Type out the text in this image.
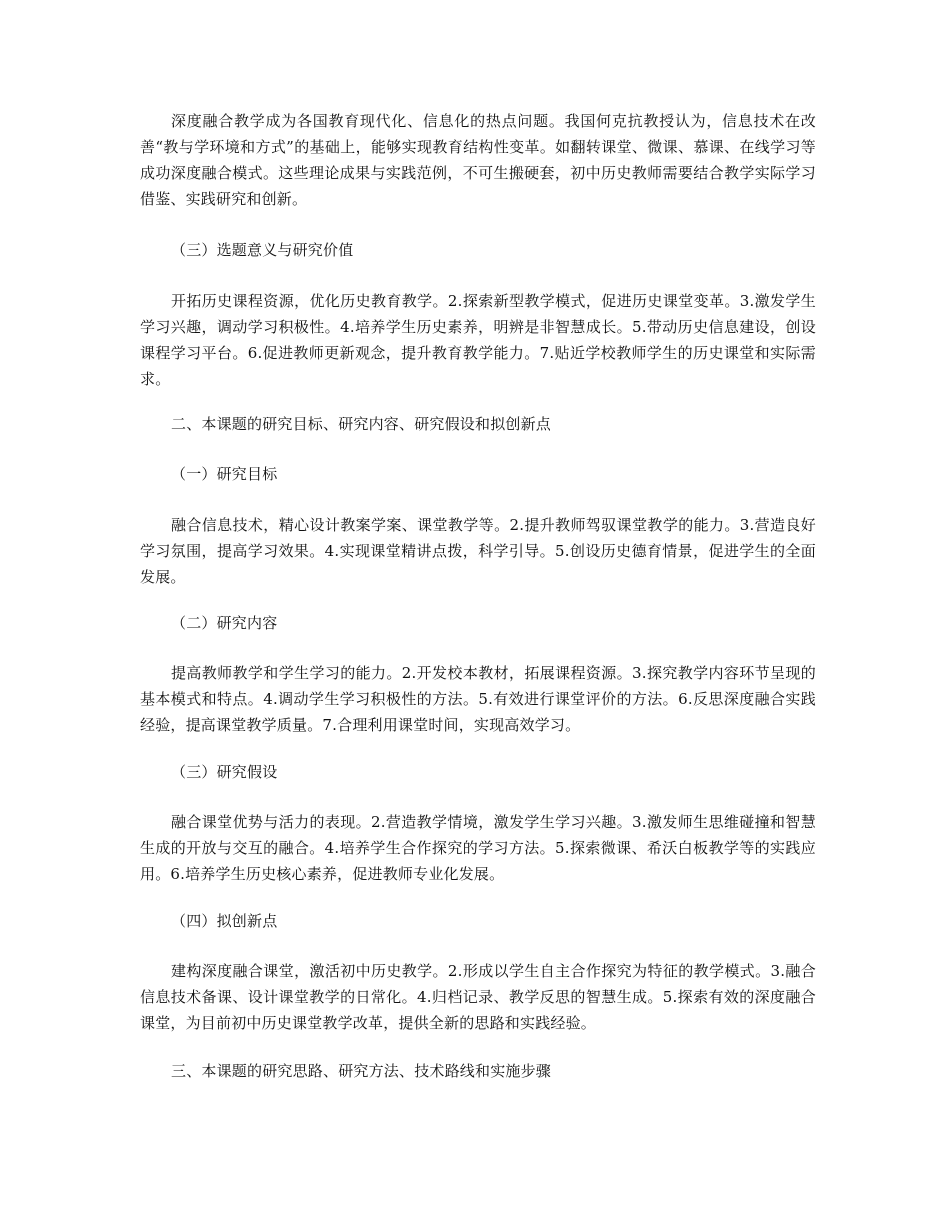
深度融合教学成为各国教育现代化、信息化的热点问题。我国何克抗教授认为，信息技术在改善“教与学环境和方式”的基础上，能够实现教育结构性变革。如翻转课堂、微课、慕课、在线学习等成功深度融合模式。这些理论成果与实践范例，不可生搬硬套，初中历史教师需要结合教学实际学习借鉴、实践研究和创新。

（三）选题意义与研究价值

开拓历史课程资源，优化历史教育教学。2.探索新型教学模式，促进历史课堂变革。3.激发学生学习兴趣，调动学习积极性。4.培养学生历史素养，明辨是非智慧成长。5.带动历史信息建设，创设课程学习平台。6.促进教师更新观念，提升教育教学能力。7.贴近学校教师学生的历史课堂和实际需求。

二、本课题的研究目标、研究内容、研究假设和拟创新点

（一）研究目标

融合信息技术，精心设计教案学案、课堂教学等。2.提升教师驾驭课堂教学的能力。3.营造良好学习氛围，提高学习效果。4.实现课堂精讲点拨，科学引导。5.创设历史德育情景，促进学生的全面发展。

（二）研究内容

提高教师教学和学生学习的能力。2.开发校本教材，拓展课程资源。3.探究教学内容环节呈现的基本模式和特点。4.调动学生学习积极性的方法。5.有效进行课堂评价的方法。6.反思深度融合实践经验，提高课堂教学质量。7.合理利用课堂时间，实现高效学习。

（三）研究假设

融合课堂优势与活力的表现。2.营造教学情境，激发学生学习兴趣。3.激发师生思维碰撞和智慧生成的开放与交互的融合。4.培养学生合作探究的学习方法。5.探索微课、希沃白板教学等的实践应用。6.培养学生历史核心素养，促进教师专业化发展。

（四）拟创新点

建构深度融合课堂，激活初中历史教学。2.形成以学生自主合作探究为特征的教学模式。3.融合信息技术备课、设计课堂教学的日常化。4.归档记录、教学反思的智慧生成。5.探索有效的深度融合课堂，为目前初中历史课堂教学改革，提供全新的思路和实践经验。

三、本课题的研究思路、研究方法、技术路线和实施步骤
